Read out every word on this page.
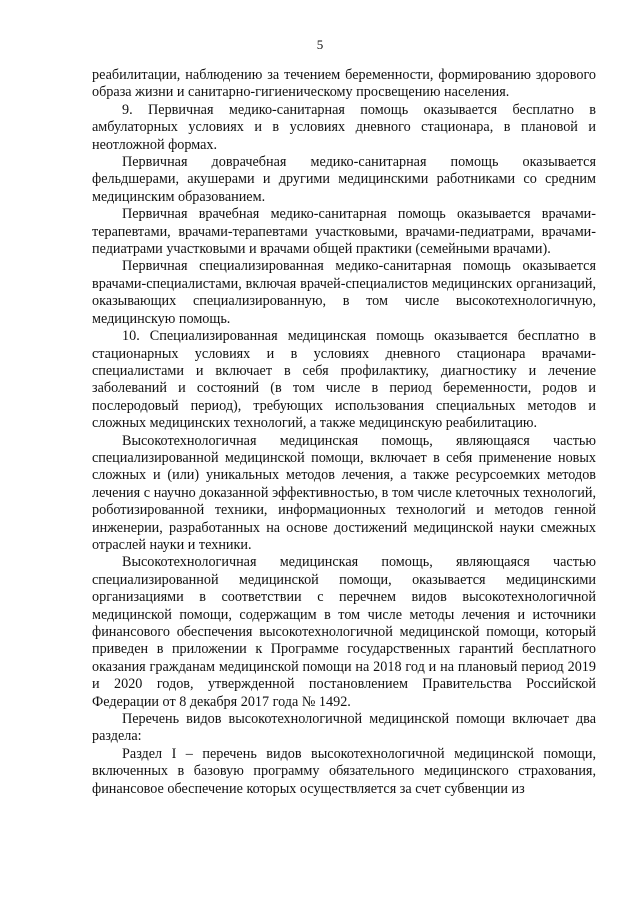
5

реабилитации, наблюдению за течением беременности, формированию здорового образа жизни и санитарно-гигиеническому просвещению населения.

9. Первичная медико-санитарная помощь оказывается бесплатно в амбулаторных условиях и в условиях дневного стационара, в плановой и неотложной формах.

Первичная доврачебная медико-санитарная помощь оказывается фельдшерами, акушерами и другими медицинскими работниками со средним медицинским образованием.

Первичная врачебная медико-санитарная помощь оказывается врачами-терапевтами, врачами-терапевтами участковыми, врачами-педиатрами, врачами-педиатрами участковыми и врачами общей практики (семейными врачами).

Первичная специализированная медико-санитарная помощь оказывается врачами-специалистами, включая врачей-специалистов медицинских организаций, оказывающих специализированную, в том числе высокотехнологичную, медицинскую помощь.

10. Специализированная медицинская помощь оказывается бесплатно в стационарных условиях и в условиях дневного стационара врачами-специалистами и включает в себя профилактику, диагностику и лечение заболеваний и состояний (в том числе в период беременности, родов и послеродовый период), требующих использования специальных методов и сложных медицинских технологий, а также медицинскую реабилитацию.

Высокотехнологичная медицинская помощь, являющаяся частью специализированной медицинской помощи, включает в себя применение новых сложных и (или) уникальных методов лечения, а также ресурсоемких методов лечения с научно доказанной эффективностью, в том числе клеточных технологий, роботизированной техники, информационных технологий и методов генной инженерии, разработанных на основе достижений медицинской науки смежных отраслей науки и техники.

Высокотехнологичная медицинская помощь, являющаяся частью специализированной медицинской помощи, оказывается медицинскими организациями в соответствии с перечнем видов высокотехнологичной медицинской помощи, содержащим в том числе методы лечения и источники финансового обеспечения высокотехнологичной медицинской помощи, который приведен в приложении к Программе государственных гарантий бесплатного оказания гражданам медицинской помощи на 2018 год и на плановый период 2019 и 2020 годов, утвержденной постановлением Правительства Российской Федерации от 8 декабря 2017 года № 1492.

Перечень видов высокотехнологичной медицинской помощи включает два раздела:

Раздел I – перечень видов высокотехнологичной медицинской помощи, включенных в базовую программу обязательного медицинского страхования, финансовое обеспечение которых осуществляется за счет субвенции из
